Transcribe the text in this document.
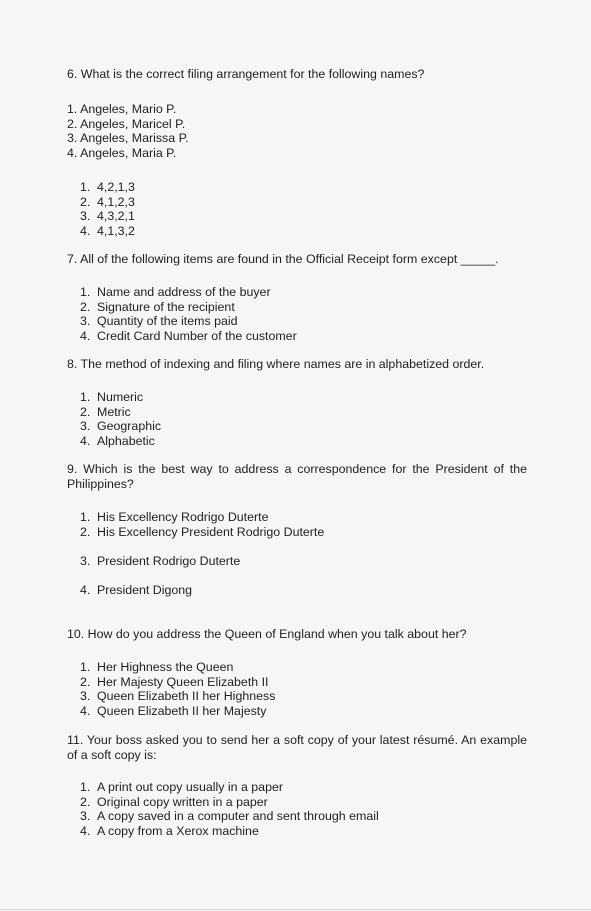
6. What is the correct filing arrangement for the following names?
1. Angeles, Mario P.
2. Angeles, Maricel P.
3. Angeles, Marissa P.
4. Angeles, Maria P.
1. 4,2,1,3
2. 4,1,2,3
3. 4,3,2,1
4. 4,1,3,2
7. All of the following items are found in the Official Receipt form except _____.
1. Name and address of the buyer
2. Signature of the recipient
3. Quantity of the items paid
4. Credit Card Number of the customer
8. The method of indexing and filing where names are in alphabetized order.
1. Numeric
2. Metric
3. Geographic
4. Alphabetic
9. Which is the best way to address a correspondence for the President of the Philippines?
1. His Excellency Rodrigo Duterte
2. His Excellency President Rodrigo Duterte
3. President Rodrigo Duterte
4. President Digong
10. How do you address the Queen of England when you talk about her?
1. Her Highness the Queen
2. Her Majesty Queen Elizabeth II
3. Queen Elizabeth II her Highness
4. Queen Elizabeth II her Majesty
11. Your boss asked you to send her a soft copy of your latest résumé. An example of a soft copy is:
1. A print out copy usually in a paper
2. Original copy written in a paper
3. A copy saved in a computer and sent through email
4. A copy from a Xerox machine
